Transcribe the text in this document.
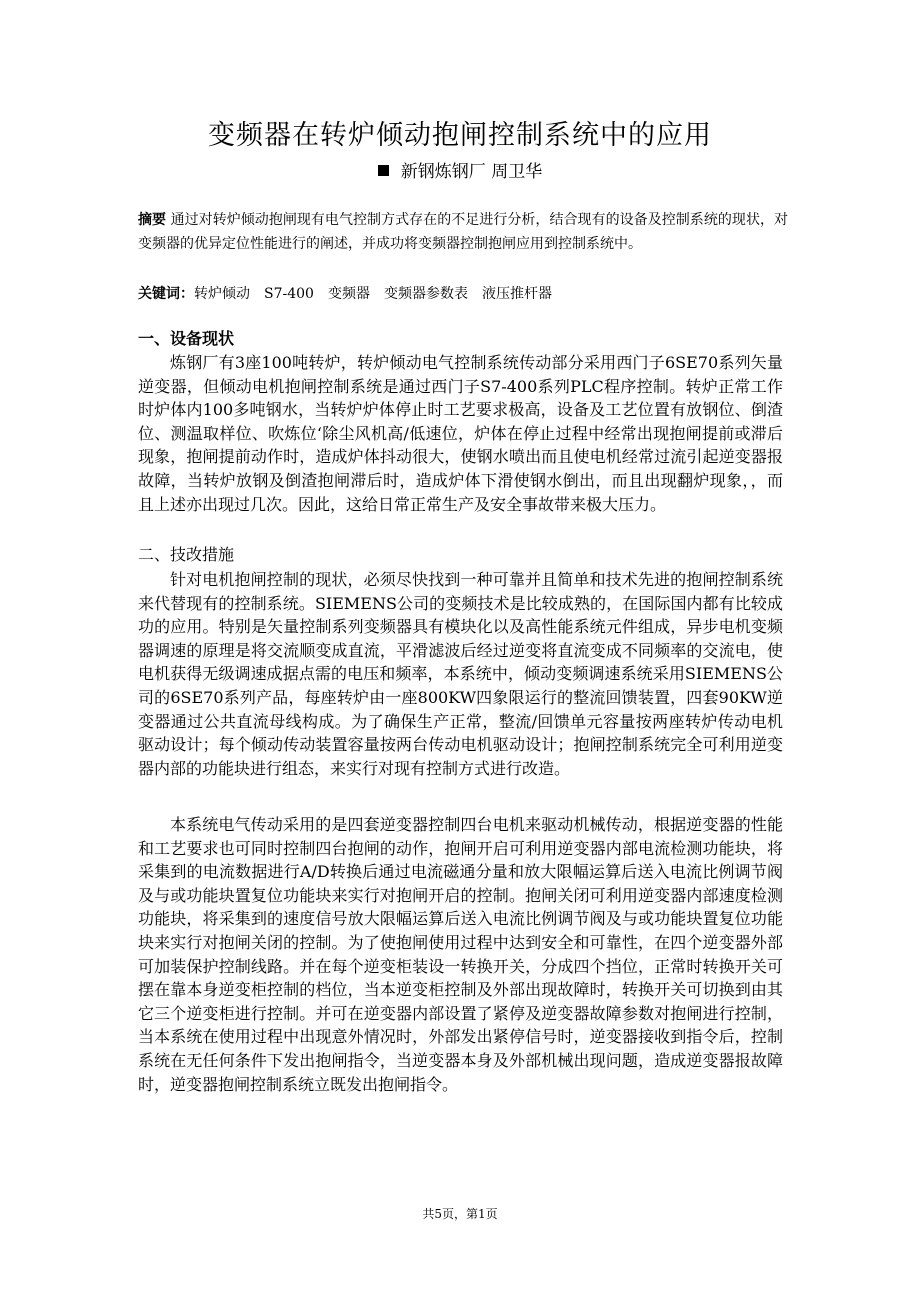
变频器在转炉倾动抱闸控制系统中的应用
新钢炼钢厂 周卫华
摘要 通过对转炉倾动抱闸现有电气控制方式存在的不足进行分析，结合现有的设备及控制系统的现状，对变频器的优异定位性能进行的阐述，并成功将变频器控制抱闸应用到控制系统中。
关键词：转炉倾动 S7-400 变频器 变频器参数表 液压推杆器
一、设备现状
炼钢厂有3座100吨转炉，转炉倾动电气控制系统传动部分采用西门子6SE70系列矢量逆变器，但倾动电机抱闸控制系统是通过西门子S7-400系列PLC程序控制。转炉正常工作时炉体内100多吨钢水，当转炉炉体停止时工艺要求极高，设备及工艺位置有放钢位、倒渣位、测温取样位、吹炼位‘除尘风机高/低速位，炉体在停止过程中经常出现抱闸提前或滞后现象，抱闸提前动作时，造成炉体抖动很大，使钢水喷出而且使电机经常过流引起逆变器报故障，当转炉放钢及倒渣抱闸滞后时，造成炉体下滑使钢水倒出，而且出现翻炉现象，，而且上述亦出现过几次。因此，这给日常正常生产及安全事故带来极大压力。
二、技改措施
针对电机抱闸控制的现状，必须尽快找到一种可靠并且简单和技术先进的抱闸控制系统来代替现有的控制系统。SIEMENS公司的变频技术是比较成熟的，在国际国内都有比较成功的应用。特别是矢量控制系列变频器具有模块化以及高性能系统元件组成，异步电机变频器调速的原理是将交流顺变成直流，平滑滤波后经过逆变将直流变成不同频率的交流电，使电机获得无级调速成据点需的电压和频率，本系统中，倾动变频调速系统采用SIEMENS公司的6SE70系列产品，每座转炉由一座800KW四象限运行的整流回馈装置，四套90KW逆变器通过公共直流母线构成。为了确保生产正常，整流/回馈单元容量按两座转炉传动电机驱动设计；每个倾动传动装置容量按两台传动电机驱动设计；抱闸控制系统完全可利用逆变器内部的功能块进行组态，来实行对现有控制方式进行改造。
本系统电气传动采用的是四套逆变器控制四台电机来驱动机械传动，根据逆变器的性能和工艺要求也可同时控制四台抱闸的动作，抱闸开启可利用逆变器内部电流检测功能块，将采集到的电流数据进行A/D转换后通过电流磁通分量和放大限幅运算后送入电流比例调节阀及与或功能块置复位功能块来实行对抱闸开启的控制。抱闸关闭可利用逆变器内部速度检测功能块，将采集到的速度信号放大限幅运算后送入电流比例调节阀及与或功能块置复位功能块来实行对抱闸关闭的控制。为了使抱闸使用过程中达到安全和可靠性，在四个逆变器外部可加装保护控制线路。并在每个逆变柜装设一转换开关，分成四个挡位，正常时转换开关可摆在靠本身逆变柜控制的档位，当本逆变柜控制及外部出现故障时，转换开关可切换到由其它三个逆变柜进行控制。并可在逆变器内部设置了紧停及逆变器故障参数对抱闸进行控制，当本系统在使用过程中出现意外情况时，外部发出紧停信号时，逆变器接收到指令后，控制系统在无任何条件下发出抱闸指令，当逆变器本身及外部机械出现问题，造成逆变器报故障时，逆变器抱闸控制系统立既发出抱闸指令。
共5页，第1页
